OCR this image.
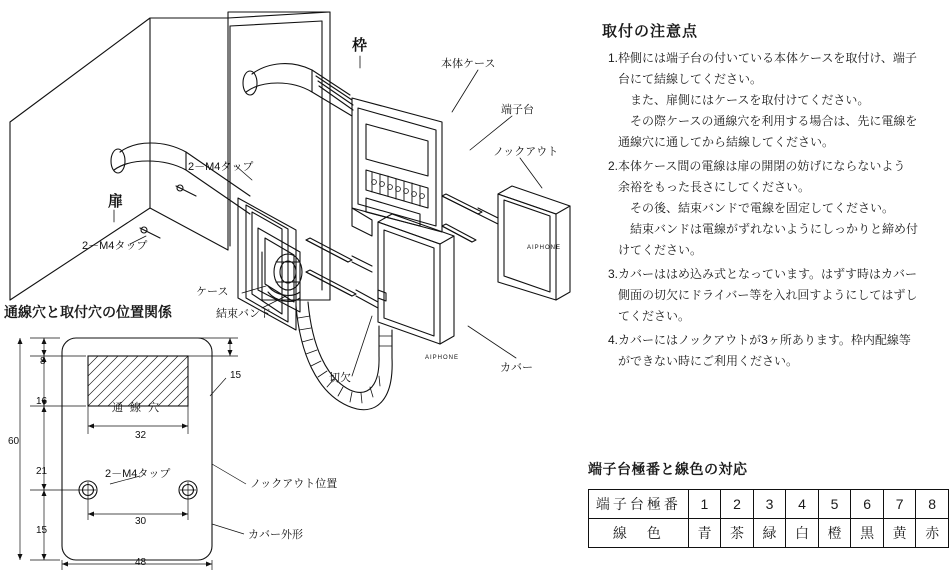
枠
扉
本体ケース
端子台
ノックアウト
2－M4タップ
2－M4タップ
ケース
結束バンド
切欠
カバー
AIPHONE
AIPHONE
通線穴と取付穴の位置関係
通 線 穴
8
16
21
15
15
60
32
30
48
2－M4タップ
ノックアウト位置
カバー外形
取付の注意点
1. 枠側には端子台の付いている本体ケースを取付け、端子

台にて結線してください。

また、扉側にはケースを取付けてください。

その際ケースの通線穴を利用する場合は、先に電線を

通線穴に通してから結線してください。

2. 本体ケース間の電線は扉の開閉の妨げにならないよう

余裕をもった長さにしてください。

その後、結束バンドで電線を固定してください。

結束バンドは電線がずれないようにしっかりと締め付

けてください。

3. カバーははめ込み式となっています。はずす時はカバー

側面の切欠にドライバー等を入れ回すようにしてはずし

てください。

4. カバーにはノックアウトが3ヶ所あります。枠内配線等

ができない時にご利用ください。

端子台極番と線色の対応
端子台極番	1	2	3	4	5	6	7	8
線　色	青	茶	緑	白	橙	黒	黄	赤
